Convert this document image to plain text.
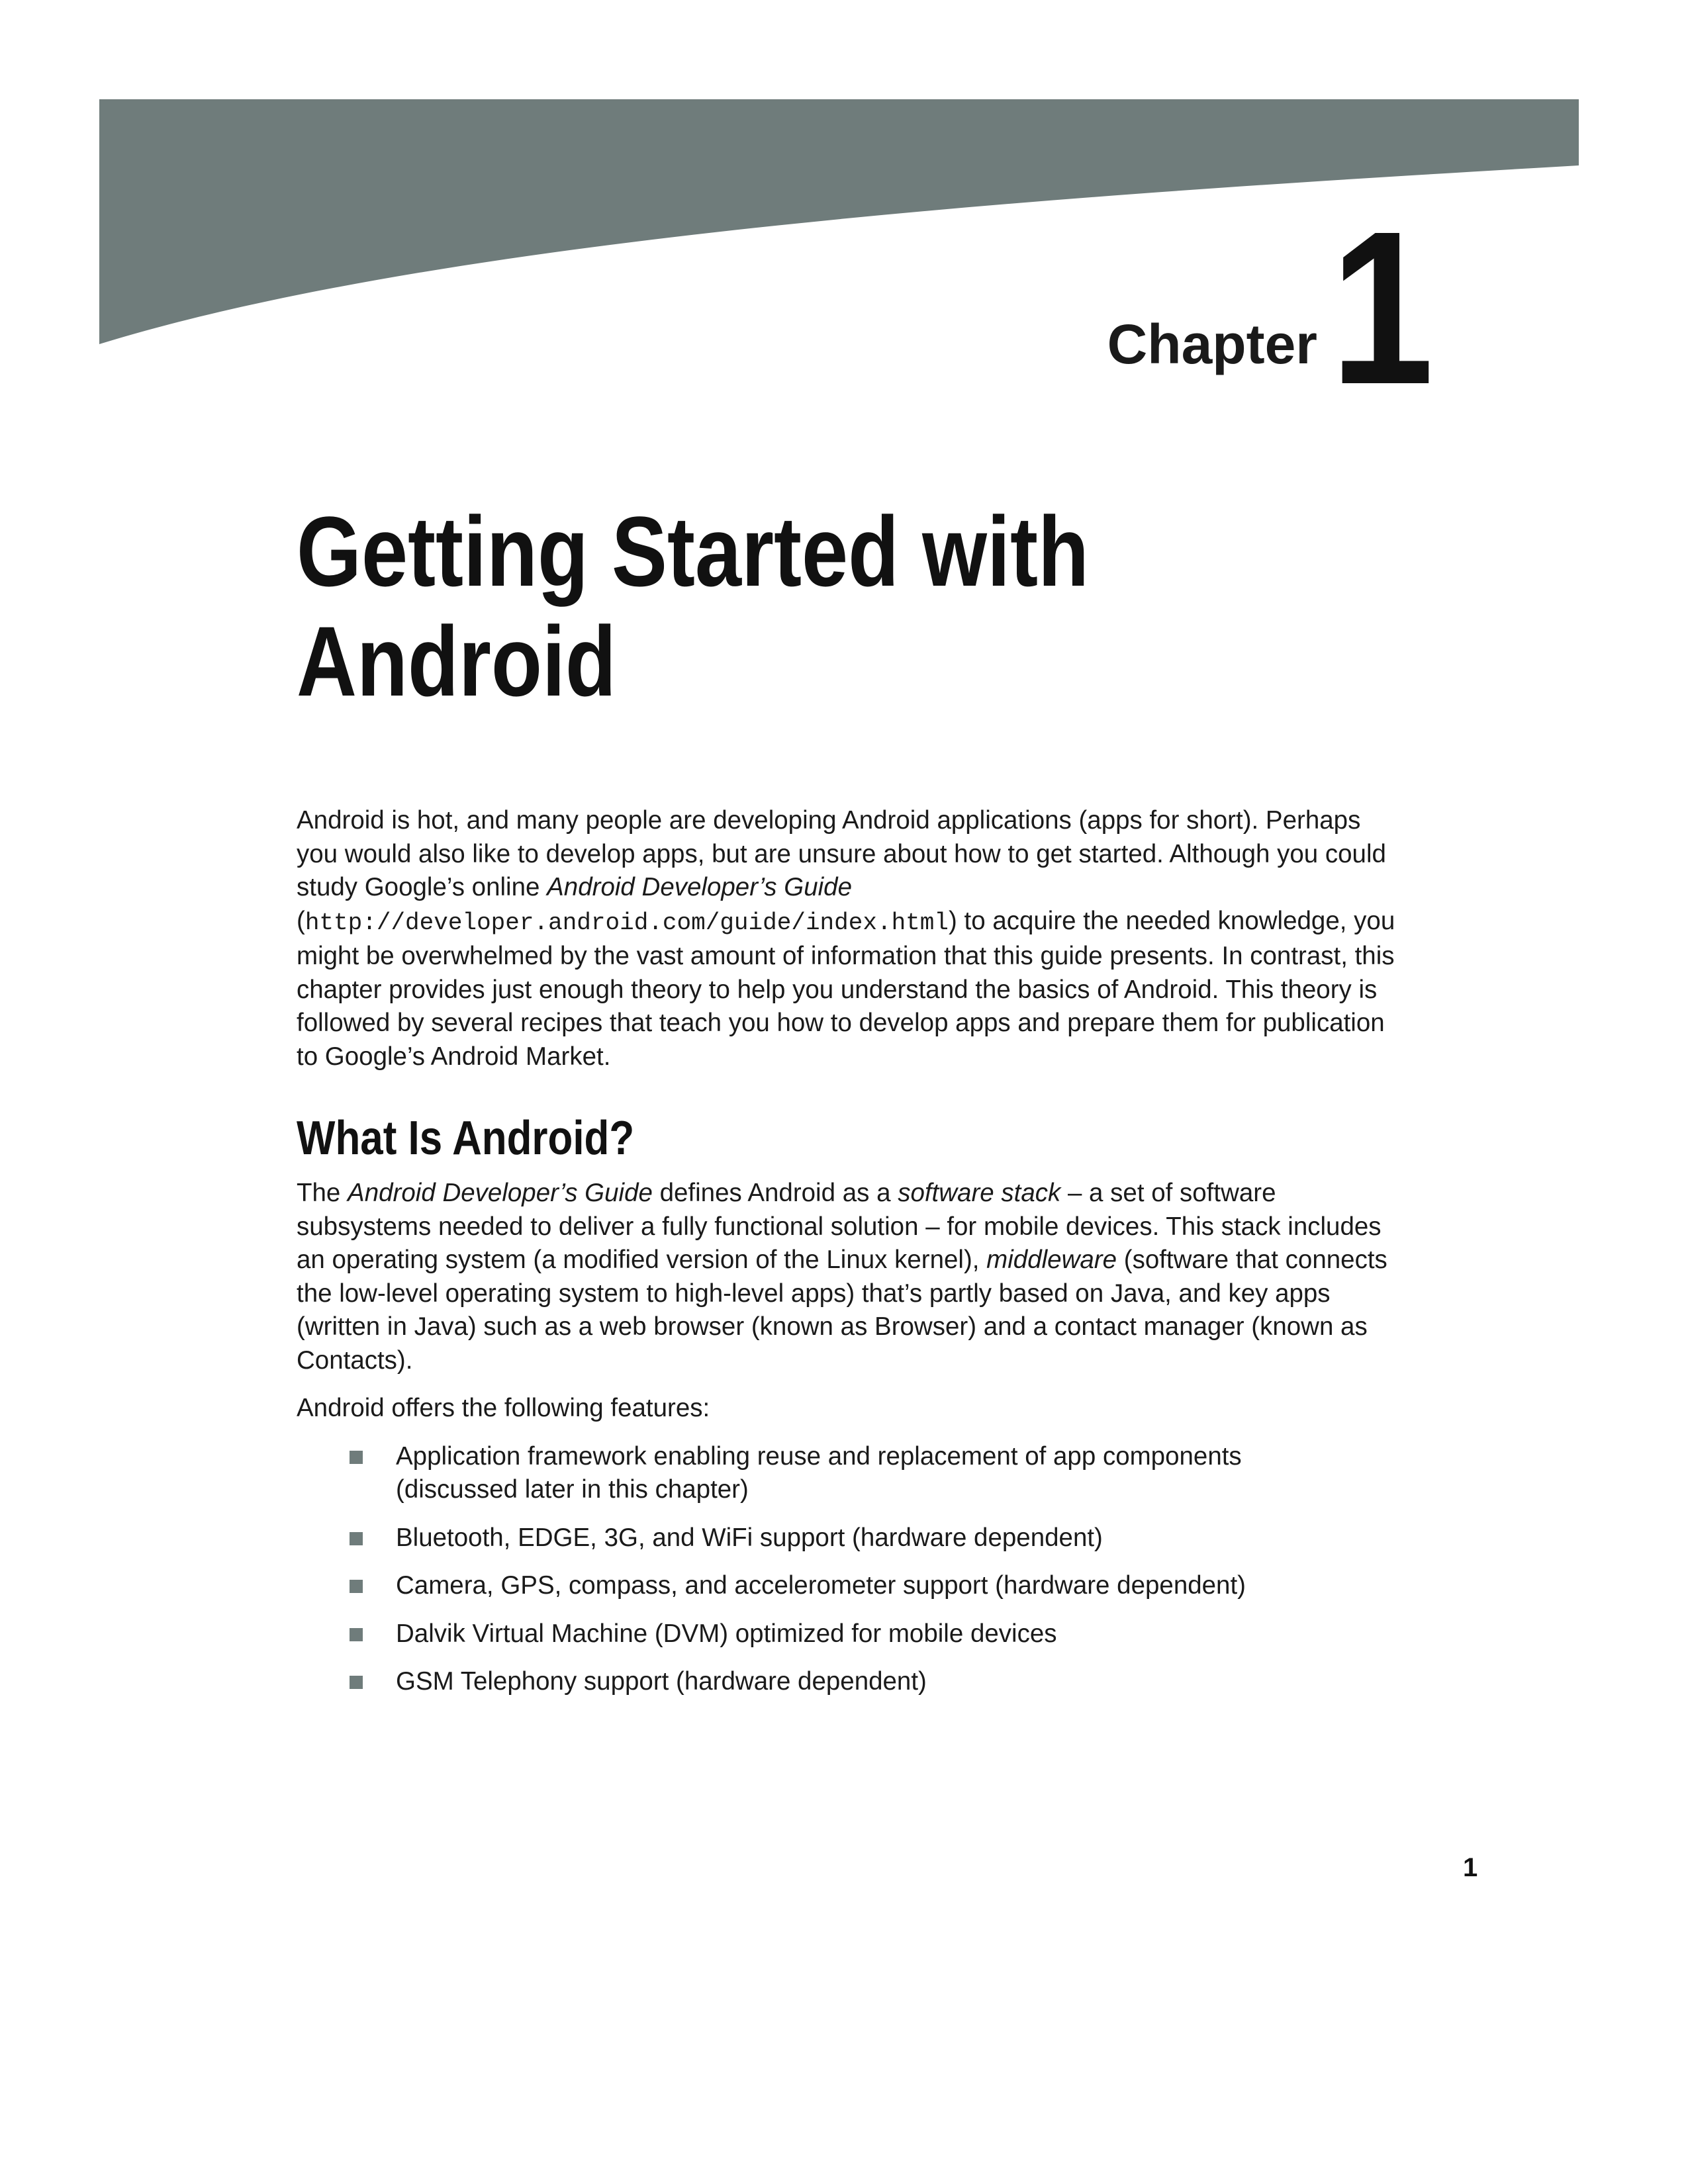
Chapter 1
Getting Started with
Android

Android is hot, and many people are developing Android applications (apps for short). Perhaps you would also like to develop apps, but are unsure about how to get started. Although you could study Google’s online Android Developer’s Guide
(http://developer.android.com/guide/index.html) to acquire the needed knowledge, you might be overwhelmed by the vast amount of information that this guide presents. In contrast, this chapter provides just enough theory to help you understand the basics of Android. This theory is followed by several recipes that teach you how to develop apps and prepare them for publication to Google’s Android Market.

What Is Android?

The Android Developer’s Guide defines Android as a software stack – a set of software subsystems needed to deliver a fully functional solution – for mobile devices. This stack includes an operating system (a modified version of the Linux kernel), middleware (software that connects the low-level operating system to high-level apps) that’s partly based on Java, and key apps (written in Java) such as a web browser (known as Browser) and a contact manager (known as Contacts).

Android offers the following features:

Application framework enabling reuse and replacement of app components (discussed later in this chapter)
Bluetooth, EDGE, 3G, and WiFi support (hardware dependent)
Camera, GPS, compass, and accelerometer support (hardware dependent)
Dalvik Virtual Machine (DVM) optimized for mobile devices
GSM Telephony support (hardware dependent)
1
